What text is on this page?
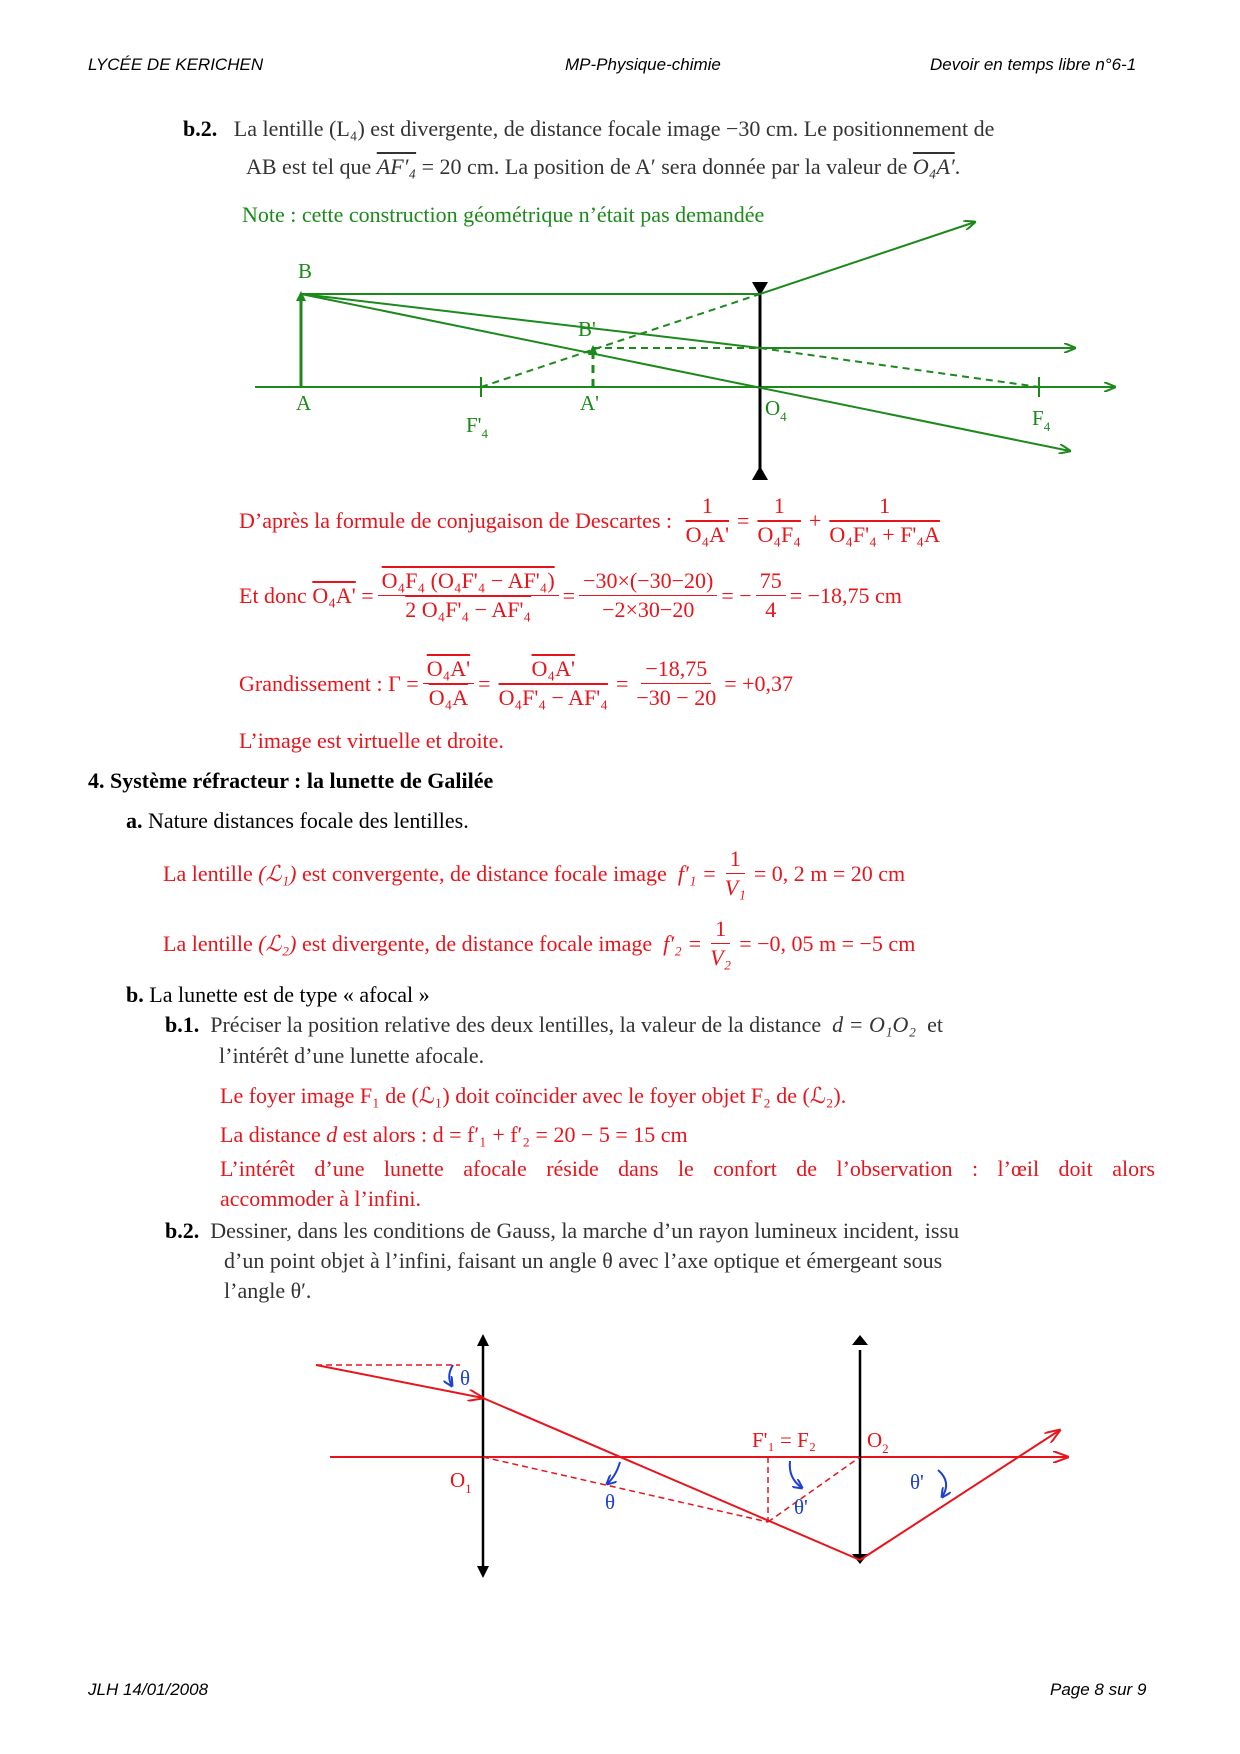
LYCÉE DE KERICHEN	MP-Physique-chimie	Devoir en temps libre n°6-1
b.2. La lentille (L₄) est divergente, de distance focale image −30 cm. Le positionnement de
AB est tel que AF′₄ = 20 cm. La position de A′ sera donnée par la valeur de O₄A′.
Note : cette construction géométrique n’était pas demandée
B
A
B'
A'
$F'_4$
$O_4$	$F_4$
D’après la formule de conjugaison de Descartes :
$\frac{1}{\text{O₄A'}} = \frac{1}{\text{O₄F₄}} + \frac{1}{\text{O₄F'₄ + F'₄A}}$
Et donc
$O_4A' = \frac{\text{O₄F₄ (O₄F'₄ − AF'₄)}}{\text{2 O₄F'₄ − AF'₄}} = \frac{-30\times(-30-20)}{-2\times 30-20}$ = − $\frac{75}{4} = -18,75$ cm
Grandissement : $\Gamma = \frac{\text{O₄A'}}{\text{O₄A}} = \frac{\text{O₄A'}}{\text{O₄F'₄ − AF'₄}} = \frac{-18,75}{-30 - 20} = +0,37$
L’image est virtuelle et droite.
4. Système réfracteur : la lunette de Galilée
a. Nature distances focale des lentilles.
La lentille
(ℒ₁)
est convergente, de distance focale image
$f'_1 = \frac{1}{\text{V₁}} = 0$, 2 m = 20 cm
La lentille
(ℒ₂)
est divergente, de distance focale image
$f'_2 = \frac{1}{\text{V₂}} = -0$, 05 m = −5 cm
b. La lunette est de type « afocal »
b.1. Préciser la position relative des deux lentilles, la valeur de la distance d = O₁O₂ et
l’intérêt d’une lunette afocale.
Le foyer image F₁ de (ℒ₁) doit coïncider avec le foyer objet F₂ de (ℒ₂).
La distance d est alors : d = f′₁ + f′₂ = 20 − 5 = 15 cm
L’intérêt d’une lunette afocale réside dans le confort de l’observation : l’œil doit alors
accommoder à l’infini.
b.2. Dessiner, dans les conditions de Gauss, la marche d’un rayon lumineux incident, issu
d’un point objet à l’infini, faisant un angle θ avec l’axe optique et émergeant sous
l’angle θ′.
θ
θ	θ'
θ'
$O_1$
$O_2$
F'₁ = F₂
JLH 14/01/2008	Page 8 sur 9
